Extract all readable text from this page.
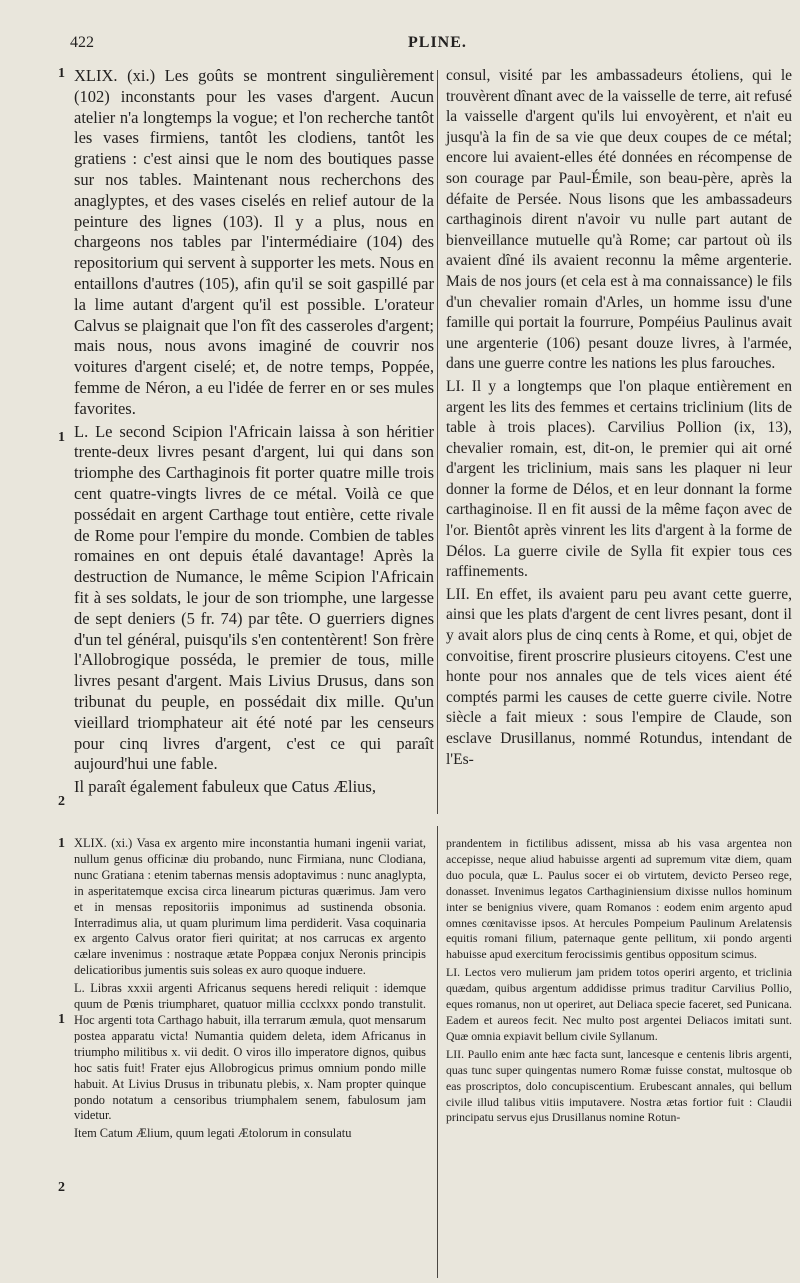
422	PLINE.
1
1
2

XLIX. (xi.) Les goûts se montrent singulièrement (102) inconstants pour les vases d'argent. Aucun atelier n'a longtemps la vogue; et l'on recherche tantôt les vases firmiens, tantôt les clodiens, tantôt les gratiens : c'est ainsi que le nom des boutiques passe sur nos tables. Maintenant nous recherchons des anaglyptes, et des vases ciselés en relief autour de la peinture des lignes (103). Il y a plus, nous en chargeons nos tables par l'intermédiaire (104) des repositorium qui servent à supporter les mets. Nous en entaillons d'autres (105), afin qu'il se soit gaspillé par la lime autant d'argent qu'il est possible. L'orateur Calvus se plaignait que l'on fît des casseroles d'argent; mais nous, nous avons imaginé de couvrir nos voitures d'argent ciselé; et, de notre temps, Poppée, femme de Néron, a eu l'idée de ferrer en or ses mules favorites.

L. Le second Scipion l'Africain laissa à son héritier trente-deux livres pesant d'argent, lui qui dans son triomphe des Carthaginois fit porter quatre mille trois cent quatre-vingts livres de ce métal. Voilà ce que possédait en argent Carthage tout entière, cette rivale de Rome pour l'empire du monde. Combien de tables romaines en ont depuis étalé davantage! Après la destruction de Numance, le même Scipion l'Africain fit à ses soldats, le jour de son triomphe, une largesse de sept deniers (5 fr. 74) par tête. O guerriers dignes d'un tel général, puisqu'ils s'en contentèrent! Son frère l'Allobrogique posséda, le premier de tous, mille livres pesant d'argent. Mais Livius Drusus, dans son tribunat du peuple, en possédait dix mille. Qu'un vieillard triomphateur ait été noté par les censeurs pour cinq livres d'argent, c'est ce qui paraît aujourd'hui une fable.

Il paraît également fabuleux que Catus Ælius,

consul, visité par les ambassadeurs étoliens, qui le trouvèrent dînant avec de la vaisselle de terre, ait refusé la vaisselle d'argent qu'ils lui envoyèrent, et n'ait eu jusqu'à la fin de sa vie que deux coupes de ce métal; encore lui avaient-elles été données en récompense de son courage par Paul-Émile, son beau-père, après la défaite de Persée. Nous lisons que les ambassadeurs carthaginois dirent n'avoir vu nulle part autant de bienveillance mutuelle qu'à Rome; car partout où ils avaient dîné ils avaient reconnu la même argenterie. Mais de nos jours (et cela est à ma connaissance) le fils d'un chevalier romain d'Arles, un homme issu d'une famille qui portait la fourrure, Pompéius Paulinus avait une argenterie (106) pesant douze livres, à l'armée, dans une guerre contre les nations les plus farouches.

LI. Il y a longtemps que l'on plaque entièrement en argent les lits des femmes et certains triclinium (lits de table à trois places). Carvilius Pollion (ix, 13), chevalier romain, est, dit-on, le premier qui ait orné d'argent les triclinium, mais sans les plaquer ni leur donner la forme de Délos, et en leur donnant la forme carthaginoise. Il en fit aussi de la même façon avec de l'or. Bientôt après vinrent les lits d'argent à la forme de Délos. La guerre civile de Sylla fit expier tous ces raffinements.

LII. En effet, ils avaient paru peu avant cette guerre, ainsi que les plats d'argent de cent livres pesant, dont il y avait alors plus de cinq cents à Rome, et qui, objet de convoitise, firent proscrire plusieurs citoyens. C'est une honte pour nos annales que de tels vices aient été comptés parmi les causes de cette guerre civile. Notre siècle a fait mieux : sous l'empire de Claude, son esclave Drusillanus, nommé Rotundus, intendant de l'Es-

1
1
2

XLIX. (xi.) Vasa ex argento mire inconstantia humani ingenii variat, nullum genus officinæ diu probando, nunc Firmiana, nunc Clodiana, nunc Gratiana : etenim tabernas mensis adoptavimus : nunc anaglypta, in asperitatemque excisa circa linearum picturas quærimus. Jam vero et in mensas repositoriis imponimus ad sustinenda obsonia. Interradimus alia, ut quam plurimum lima perdiderit. Vasa coquinaria ex argento Calvus orator fieri quiritat; at nos carrucas ex argento cælare invenimus : nostraque ætate Poppæa conjux Neronis principis delicatioribus jumentis suis soleas ex auro quoque induere.

L. Libras xxxii argenti Africanus sequens heredi reliquit : idemque quum de Pœnis triumpharet, quatuor millia ccclxxx pondo transtulit. Hoc argenti tota Carthago habuit, illa terrarum æmula, quot mensarum postea apparatu victa! Numantia quidem deleta, idem Africanus in triumpho militibus x. vii dedit. O viros illo imperatore dignos, quibus hoc satis fuit! Frater ejus Allobrogicus primus omnium pondo mille habuit. At Livius Drusus in tribunatu plebis, x. Nam propter quinque pondo notatum a censoribus triumphalem senem, fabulosum jam videtur.

Item Catum Ælium, quum legati Ætolorum in consulatu

prandentem in fictilibus adissent, missa ab his vasa argentea non accepisse, neque aliud habuisse argenti ad supremum vitæ diem, quam duo pocula, quæ L. Paulus socer ei ob virtutem, devicto Perseo rege, donasset. Invenimus legatos Carthaginiensium dixisse nullos hominum inter se benignius vivere, quam Romanos : eodem enim argento apud omnes cœnitavisse ipsos. At hercules Pompeium Paulinum Arelatensis equitis romani filium, paternaque gente pellitum, xii pondo argenti habuisse apud exercitum ferocissimis gentibus oppositum scimus.

LI. Lectos vero mulierum jam pridem totos operiri argento, et triclinia quædam, quibus argentum addidisse primus traditur Carvilius Pollio, eques romanus, non ut operiret, aut Deliaca specie faceret, sed Punicana. Eadem et aureos fecit. Nec multo post argentei Deliacos imitati sunt. Quæ omnia expiavit bellum civile Syllanum.

LII. Paullo enim ante hæc facta sunt, lancesque e centenis libris argenti, quas tunc super quingentas numero Romæ fuisse constat, multosque ob eas proscriptos, dolo concupiscentium. Erubescant annales, qui bellum civile illud talibus vitiis imputavere. Nostra ætas fortior fuit : Claudii principatu servus ejus Drusillanus nomine Rotun-
